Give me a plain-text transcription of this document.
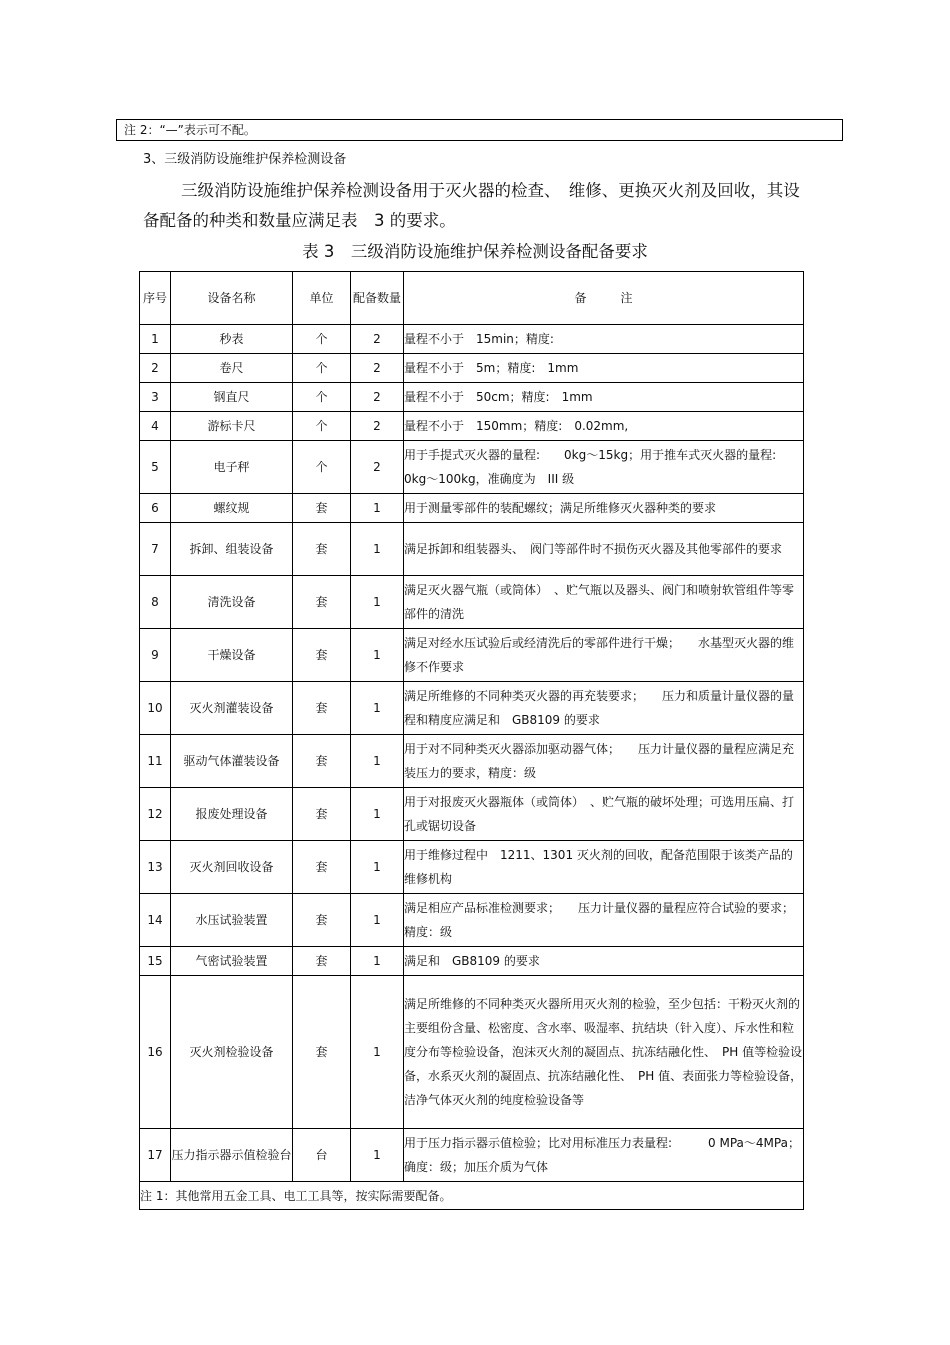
注 2：“—”表示可不配。
3、三级消防设施维护保养检测设备
三级消防设施维护保养检测设备用于灭火器的检查、　维修、更换灭火剂及回收，其设备配备的种类和数量应满足表　3 的要求。
表 3　三级消防设施维护保养检测设备配备要求
序号	设备名称	单位	配备数量	备注
1	秒表	个	2	量程不小于　15min；精度:
2	卷尺	个	2	量程不小于　5m；精度:　1mm
3	钢直尺	个	2	量程不小于　50cm；精度:　1mm
4	游标卡尺	个	2	量程不小于　150mm；精度:　0.02mm,
5	电子秤	个	2	用于手提式灭火器的量程:　　0kg～15kg；用于推车式灭火器的量程:　0kg～100kg，准确度为　III 级
6	螺纹规	套	1	用于测量零部件的装配螺纹；满足所维修灭火器种类的要求
7	拆卸、组装设备	套	1	满足拆卸和组装器头、　阀门等部件时不损伤灭火器及其他零部件的要求
8	清洗设备	套	1	满足灭火器气瓶（或筒体）　、贮气瓶以及器头、阀门和喷射软管组件等零部件的清洗
9	干燥设备	套	1	满足对经水压试验后或经清洗后的零部件进行干燥；　　水基型灭火器的维修不作要求
10	灭火剂灌装设备	套	1	满足所维修的不同种类灭火器的再充装要求；　　压力和质量计量仪器的量程和精度应满足和　GB8109 的要求
11	驱动气体灌装设备	套	1	用于对不同种类灭火器添加驱动器气体；　　压力计量仪器的量程应满足充装压力的要求，精度：级
12	报废处理设备	套	1	用于对报废灭火器瓶体（或筒体）　、贮气瓶的破坏处理；可选用压扁、打孔或锯切设备
13	灭火剂回收设备	套	1	用于维修过程中　1211、1301 灭火剂的回收，配备范围限于该类产品的维修机构
14	水压试验装置	套	1	满足相应产品标准检测要求；　　压力计量仪器的量程应符合试验的要求；精度：级
15	气密试验装置	套	1	满足和　GB8109 的要求
16	灭火剂检验设备	套	1	满足所维修的不同种类灭火器所用灭火剂的检验，至少包括：干粉灭火剂的主要组份含量、松密度、含水率、吸湿率、抗结块（针入度）、斥水性和粒度分布等检验设备，泡沫灭火剂的凝固点、抗冻结融化性、　PH 值等检验设备，水系灭火剂的凝固点、抗冻结融化性、　PH 值、表面张力等检验设备，洁净气体灭火剂的纯度检验设备等
17	压力指示器示值检验台	台	1	用于压力指示器示值检验；比对用标准压力表量程:　　　0 MPa～4MPa；确度：级；加压介质为气体
注 1：其他常用五金工具、电工工具等，按实际需要配备。				
